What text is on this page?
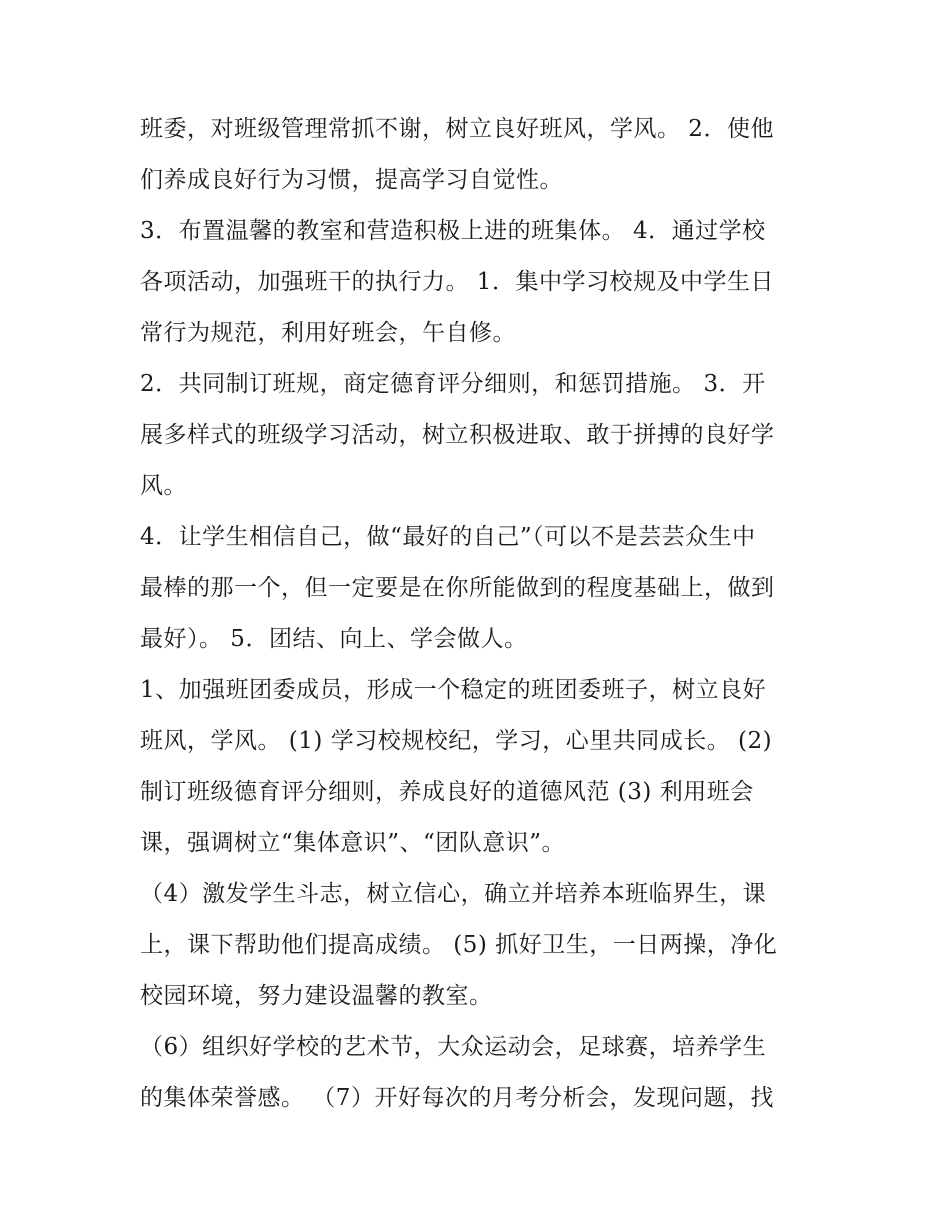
班委，对班级管理常抓不谢，树立良好班风，学风。 2．使他
们养成良好行为习惯，提高学习自觉性。
3．布置温馨的教室和营造积极上进的班集体。 4．通过学校
各项活动，加强班干的执行力。 1．集中学习校规及中学生日
常行为规范，利用好班会，午自修。
2．共同制订班规，商定德育评分细则，和惩罚措施。 3．开
展多样式的班级学习活动，树立积极进取、敢于拼搏的良好学
风。
4．让学生相信自己，做“最好的自己”（可以不是芸芸众生中
最棒的那一个，但一定要是在你所能做到的程度基础上，做到
最好）。 5．团结、向上、学会做人。
1、加强班团委成员，形成一个稳定的班团委班子，树立良好
班风，学风。 (1) 学习校规校纪，学习，心里共同成长。 (2)
制订班级德育评分细则，养成良好的道德风范 (3) 利用班会
课，强调树立“集体意识”、“团队意识”。
（4）激发学生斗志，树立信心，确立并培养本班临界生，课
上，课下帮助他们提高成绩。 (5) 抓好卫生，一日两操，净化
校园环境，努力建设温馨的教室。
（6）组织好学校的艺术节，大众运动会，足球赛，培养学生
的集体荣誉感。 （7）开好每次的月考分析会，发现问题，找
